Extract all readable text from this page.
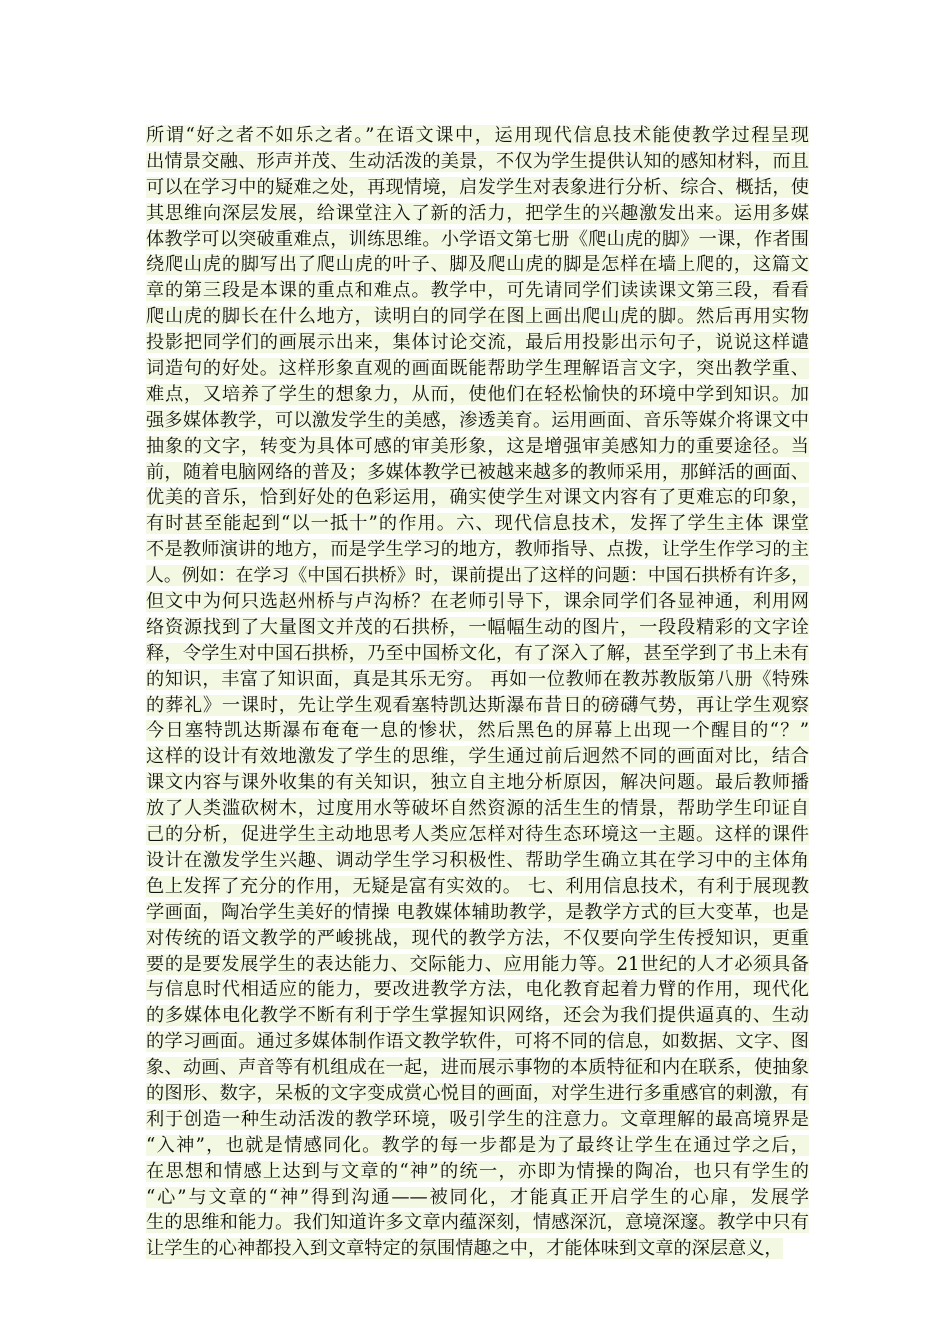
所谓“好之者不如乐之者。”在语文课中，运用现代信息技术能使教学过程呈现
出情景交融、形声并茂、生动活泼的美景，不仅为学生提供认知的感知材料，而且
可以在学习中的疑难之处，再现情境，启发学生对表象进行分析、综合、概括，使
其思维向深层发展，给课堂注入了新的活力，把学生的兴趣激发出来。运用多媒
体教学可以突破重难点，训练思维。小学语文第七册《爬山虎的脚》一课，作者围
绕爬山虎的脚写出了爬山虎的叶子、脚及爬山虎的脚是怎样在墙上爬的，这篇文
章的第三段是本课的重点和难点。教学中，可先请同学们读读课文第三段，看看
爬山虎的脚长在什么地方，读明白的同学在图上画出爬山虎的脚。然后再用实物
投影把同学们的画展示出来，集体讨论交流，最后用投影出示句子，说说这样谴
词造句的好处。这样形象直观的画面既能帮助学生理解语言文字，突出教学重、
难点，又培养了学生的想象力，从而，使他们在轻松愉快的环境中学到知识。加
强多媒体教学，可以激发学生的美感，渗透美育。运用画面、音乐等媒介将课文中
抽象的文字，转变为具体可感的审美形象，这是增强审美感知力的重要途径。当
前，随着电脑网络的普及；多媒体教学已被越来越多的教师采用，那鲜活的画面、
优美的音乐，恰到好处的色彩运用，确实使学生对课文内容有了更难忘的印象，
有时甚至能起到“以一抵十”的作用。六、现代信息技术，发挥了学生主体 课堂
不是教师演讲的地方，而是学生学习的地方，教师指导、点拨，让学生作学习的主
人。例如：在学习《中国石拱桥》时，课前提出了这样的问题：中国石拱桥有许多，
但文中为何只选赵州桥与卢沟桥？在老师引导下，课余同学们各显神通，利用网
络资源找到了大量图文并茂的石拱桥，一幅幅生动的图片，一段段精彩的文字诠
释，令学生对中国石拱桥，乃至中国桥文化，有了深入了解，甚至学到了书上未有
的知识，丰富了知识面，真是其乐无穷。 再如一位教师在教苏教版第八册《特殊
的葬礼》一课时，先让学生观看塞特凯达斯瀑布昔日的磅礴气势，再让学生观察
今日塞特凯达斯瀑布奄奄一息的惨状，然后黑色的屏幕上出现一个醒目的“？”
这样的设计有效地激发了学生的思维，学生通过前后迥然不同的画面对比，结合
课文内容与课外收集的有关知识，独立自主地分析原因，解决问题。最后教师播
放了人类滥砍树木，过度用水等破坏自然资源的活生生的情景，帮助学生印证自
己的分析，促进学生主动地思考人类应怎样对待生态环境这一主题。这样的课件
设计在激发学生兴趣、调动学生学习积极性、帮助学生确立其在学习中的主体角
色上发挥了充分的作用，无疑是富有实效的。 七、利用信息技术，有利于展现教
学画面，陶冶学生美好的情操 电教媒体辅助教学，是教学方式的巨大变革，也是
对传统的语文教学的严峻挑战，现代的教学方法，不仅要向学生传授知识，更重
要的是要发展学生的表达能力、交际能力、应用能力等。21世纪的人才必须具备
与信息时代相适应的能力，要改进教学方法，电化教育起着力臂的作用，现代化
的多媒体电化教学不断有利于学生掌握知识网络，还会为我们提供逼真的、生动
的学习画面。通过多媒体制作语文教学软件，可将不同的信息，如数据、文字、图
象、动画、声音等有机组成在一起，进而展示事物的本质特征和内在联系，使抽象
的图形、数字，呆板的文字变成赏心悦目的画面，对学生进行多重感官的刺激，有
利于创造一种生动活泼的教学环境，吸引学生的注意力。文章理解的最高境界是
“入神”，也就是情感同化。教学的每一步都是为了最终让学生在通过学之后，
在思想和情感上达到与文章的“神”的统一，亦即为情操的陶冶，也只有学生的
“心”与文章的“神”得到沟通——被同化，才能真正开启学生的心扉，发展学
生的思维和能力。我们知道许多文章内蕴深刻，情感深沉，意境深邃。教学中只有
让学生的心神都投入到文章特定的氛围情趣之中，才能体味到文章的深层意义，
